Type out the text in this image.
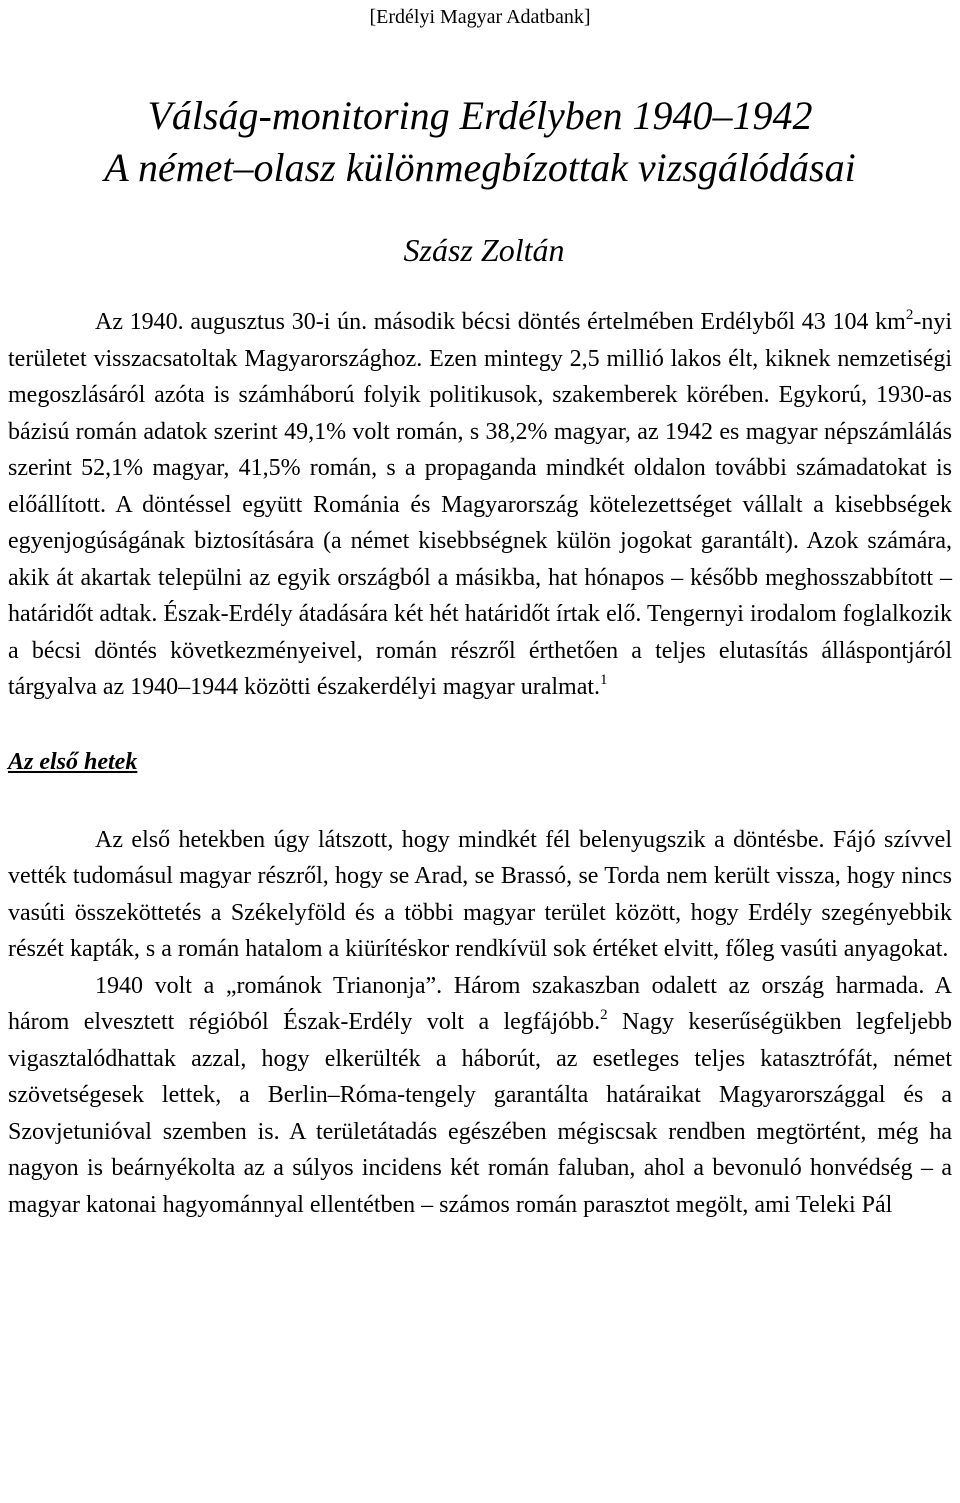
[Erdélyi Magyar Adatbank]
Válság-monitoring Erdélyben 1940–1942
A német–olasz különmegbízottak vizsgálódásai
Szász Zoltán

Az 1940. augusztus 30-i ún. második bécsi döntés értelmében Erdélyből 43 104 $km^2$-nyi területet visszacsatoltak Magyarországhoz. Ezen mintegy 2,5 millió lakos élt, kiknek nemzetiségi megoszlásáról azóta is számháború folyik politikusok, szakemberek körében. Egykorú, 1930-as bázisú román adatok szerint 49,1% volt román, s 38,2% magyar, az 1942 es magyar népszámlálás szerint 52,1% magyar, 41,5% román, s a propaganda mindkét oldalon további számadatokat is előállított. A döntéssel együtt Románia és Magyarország kötelezettséget vállalt a kisebbségek egyenjogúságának biztosítására (a német kisebbségnek külön jogokat garantált). Azok számára, akik át akartak települni az egyik országból a másikba, hat hónapos – később meghosszabbított – határidőt adtak. Észak-Erdély átadására két hét határidőt írtak elő. Tengernyi irodalom foglalkozik a bécsi döntés következményeivel, román részről érthetően a teljes elutasítás álláspontjáról tárgyalva az 1940–1944 közötti északerdélyi magyar uralmat.$^1$

Az első hetek

Az első hetekben úgy látszott, hogy mindkét fél belenyugszik a döntésbe. Fájó szívvel vették tudomásul magyar részről, hogy se Arad, se Brassó, se Torda nem került vissza, hogy nincs vasúti összeköttetés a Székelyföld és a többi magyar terület között, hogy Erdély szegényebbik részét kapták, s a román hatalom a kiürítéskor rendkívül sok értéket elvitt, főleg vasúti anyagokat.

1940 volt a „románok Trianonja”. Három szakaszban odalett az ország harmada. A három elvesztett régióból Észak-Erdély volt a legfájóbb.$^2$ Nagy keserűségükben legfeljebb vigasztalódhattak azzal, hogy elkerülték a háborút, az esetleges teljes katasztrófát, német szövetségesek lettek, a Berlin–Róma-tengely garantálta határaikat Magyarországgal és a Szovjetunióval szemben is. A területátadás egészében mégiscsak rendben megtörtént, még ha nagyon is beárnyékolta az a súlyos incidens két román faluban, ahol a bevonuló honvédség – a magyar katonai hagyománnyal ellentétben – számos román parasztot megölt, ami Teleki Pál
